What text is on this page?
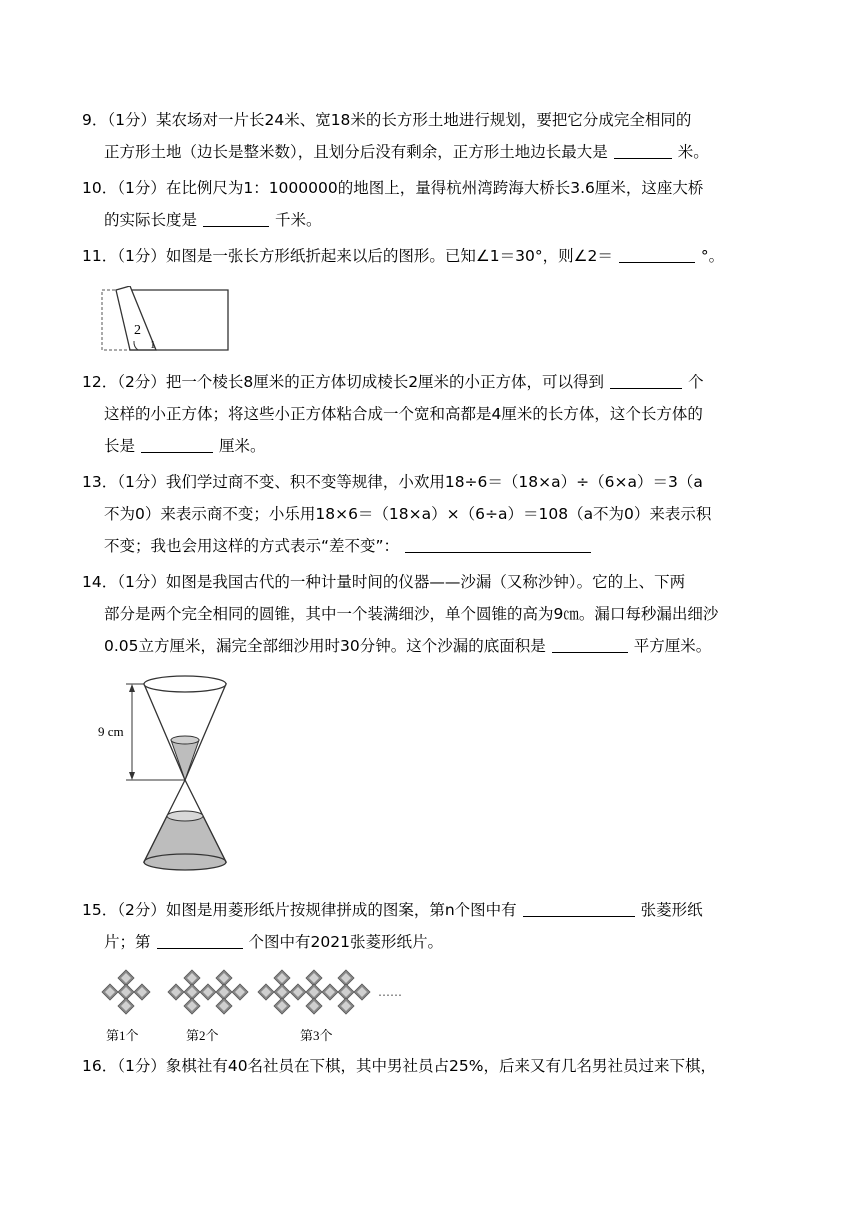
9．（1分）某农场对一片长24米、宽18米的长方形土地进行规划，要把它分成完全相同的
正方形土地（边长是整米数），且划分后没有剩余，正方形土地边长最大是	米。
10．（1分）在比例尺为1：1000000的地图上，量得杭州湾跨海大桥长3.6厘米，这座大桥
的实际长度是	千米。
11．（1分）如图是一张长方形纸折起来以后的图形。已知∠1＝30°，则∠2＝	°。
2
1
12．（2分）把一个棱长8厘米的正方体切成棱长2厘米的小正方体，可以得到	个
这样的小正方体；将这些小正方体粘合成一个宽和高都是4厘米的长方体，这个长方体的
长是	厘米。
13．（1分）我们学过商不变、积不变等规律，小欢用18÷6＝（18×a）÷（6×a）＝3（a
不为0）来表示商不变；小乐用18×6＝（18×a）×（6÷a）＝108（a不为0）来表示积
不变；我也会用这样的方式表示“差不变”：
14．（1分）如图是我国古代的一种计量时间的仪器——沙漏（又称沙钟）。它的上、下两
部分是两个完全相同的圆锥，其中一个装满细沙，单个圆锥的高为9㎝。漏口每秒漏出细沙
0.05立方厘米，漏完全部细沙用时30分钟。这个沙漏的底面积是	平方厘米。
9 cm
15．（2分）如图是用菱形纸片按规律拼成的图案，第n个图中有	张菱形纸
片；第	个图中有2021张菱形纸片。
……
第1个	第2个	第3个
16．（1分）象棋社有40名社员在下棋，其中男社员占25%，后来又有几名男社员过来下棋，
